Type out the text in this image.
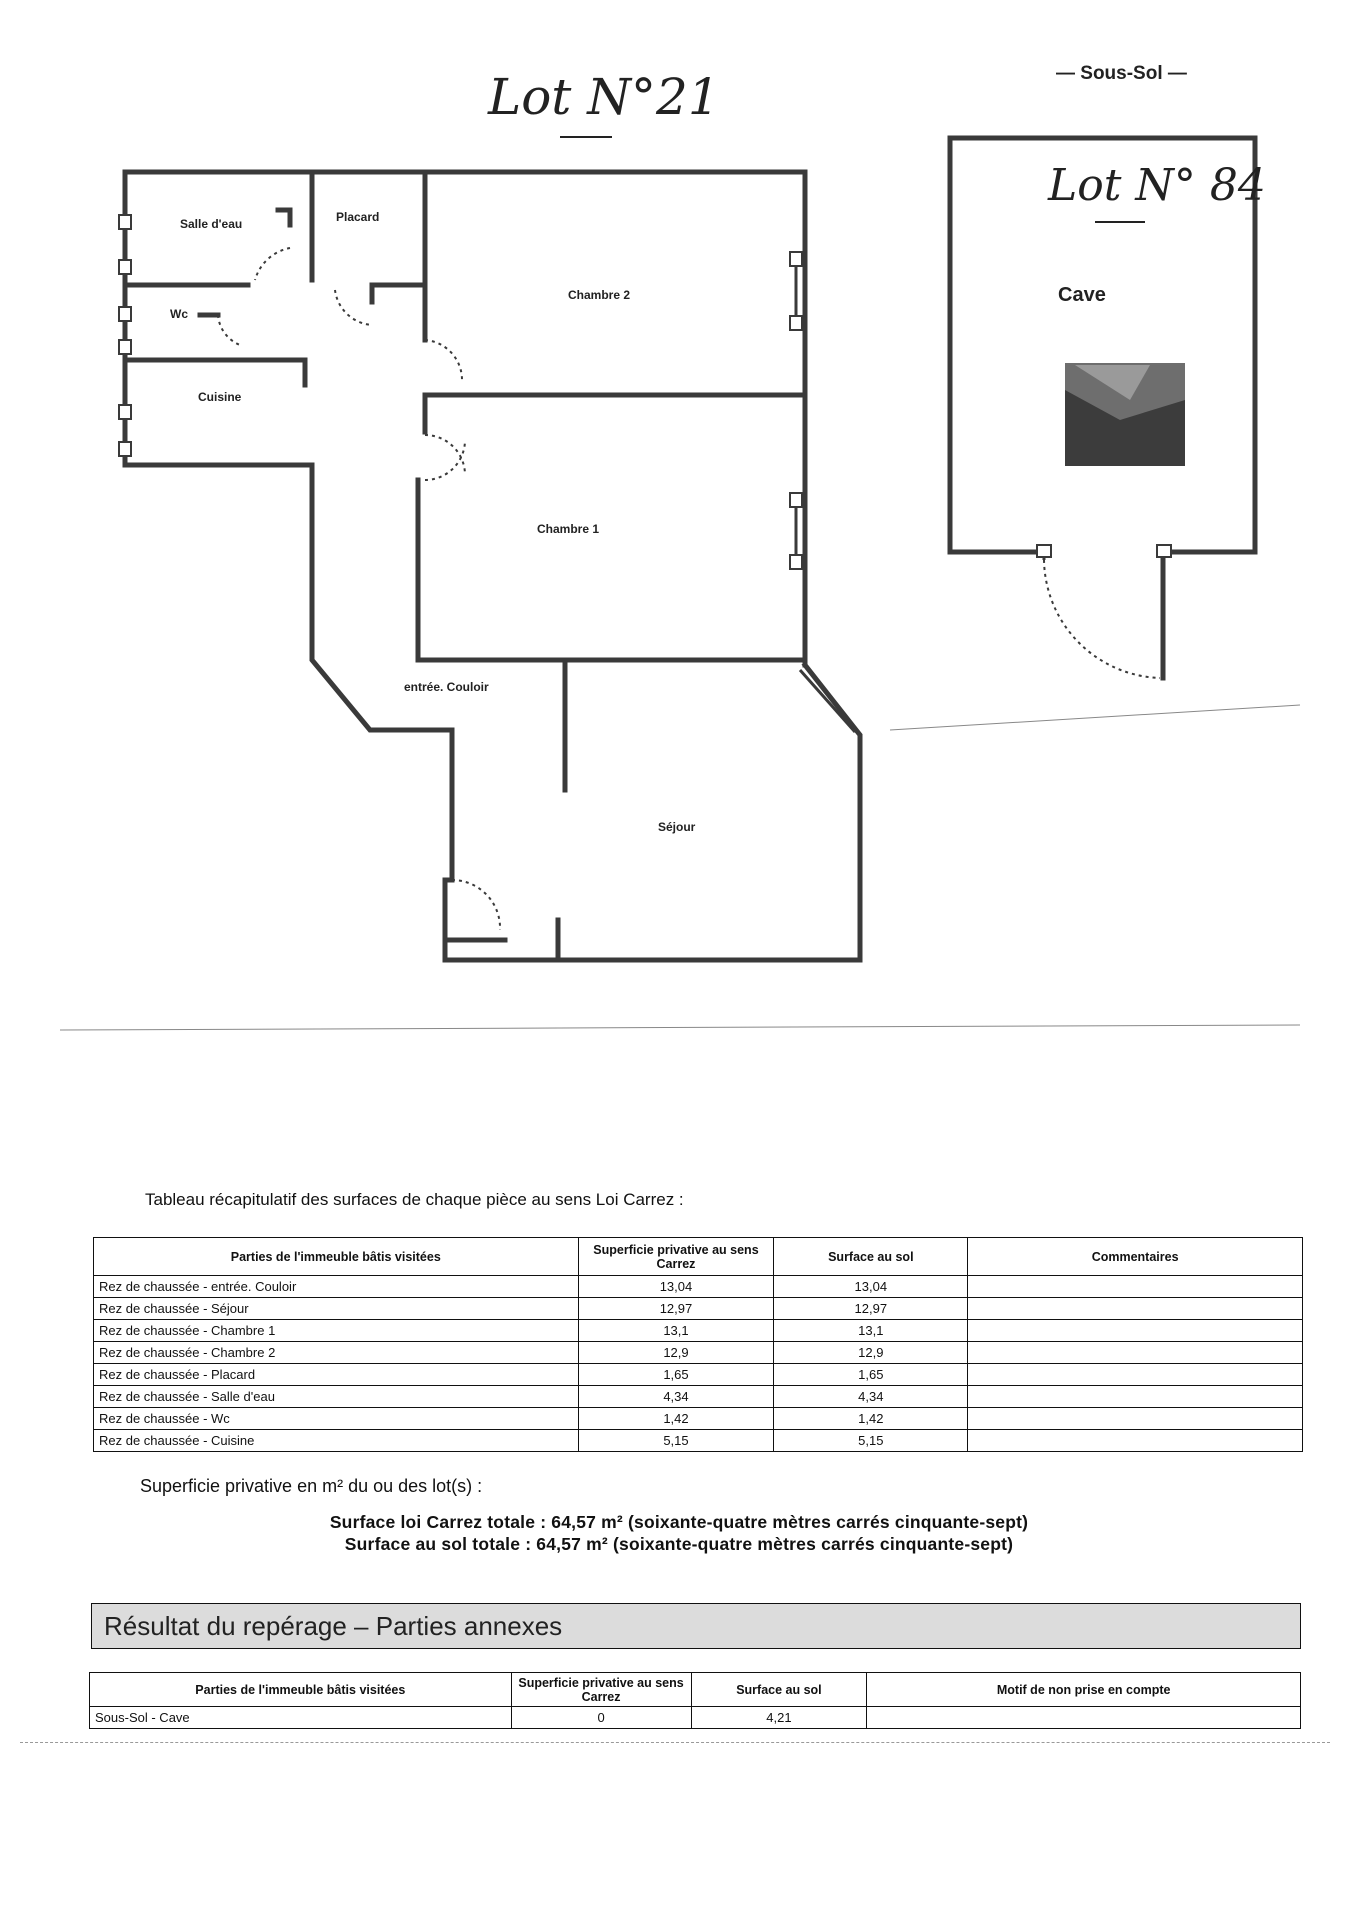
Lot N°21
Lot N° 84
Salle d'eau	Placard
Chambre 2
Wc
Cuisine
Chambre 1
entrée. Couloir
Séjour
— Sous-Sol —
Cave
Tableau récapitulatif des surfaces de chaque pièce au sens Loi Carrez :
Parties de l'immeuble bâtis visitées	Superficie privative au sens Carrez	Surface au sol	Commentaires
Rez de chaussée - entrée. Couloir	13,04	13,04	
Rez de chaussée - Séjour	12,97	12,97	
Rez de chaussée - Chambre 1	13,1	13,1	
Rez de chaussée - Chambre 2	12,9	12,9	
Rez de chaussée - Placard	1,65	1,65	
Rez de chaussée - Salle d'eau	4,34	4,34	
Rez de chaussée - Wc	1,42	1,42	
Rez de chaussée - Cuisine	5,15	5,15	
Superficie privative en m² du ou des lot(s) :
Surface loi Carrez totale : 64,57 m² (soixante-quatre mètres carrés cinquante-sept)
Surface au sol totale : 64,57 m² (soixante-quatre mètres carrés cinquante-sept)
Résultat du repérage – Parties annexes
Parties de l'immeuble bâtis visitées	Superficie privative au sens Carrez	Surface au sol	Motif de non prise en compte
Sous-Sol - Cave	0	4,21	
